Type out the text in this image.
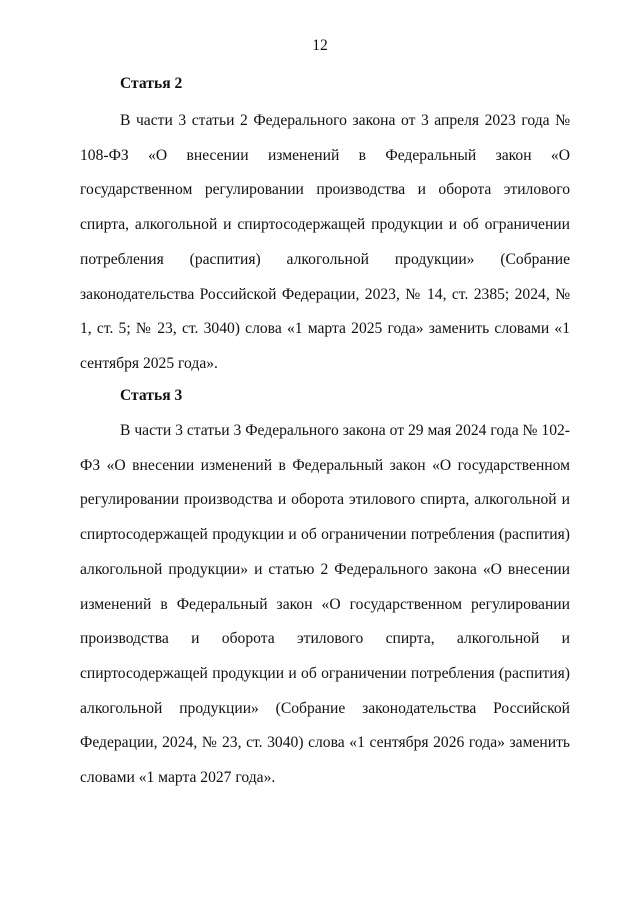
12
Статья 2

В части 3 статьи 2 Федерального закона от 3 апреля 2023 года № 108-ФЗ «О внесении изменений в Федеральный закон «О государственном регулировании производства и оборота этилового спирта, алкогольной и спиртосодержащей продукции и об ограничении потребления (распития) алкогольной продукции» (Собрание законодательства Российской Федерации, 2023, № 14, ст. 2385; 2024, № 1, ст. 5; № 23, ст. 3040) слова «1 марта 2025 года» заменить словами «1 сентября 2025 года».

Статья 3

В части 3 статьи 3 Федерального закона от 29 мая 2024 года № 102-ФЗ «О внесении изменений в Федеральный закон «О государственном регулировании производства и оборота этилового спирта, алкогольной и спиртосодержащей продукции и об ограничении потребления (распития) алкогольной продукции» и статью 2 Федерального закона «О внесении изменений в Федеральный закон «О государственном регулировании производства и оборота этилового спирта, алкогольной и спиртосодержащей продукции и об ограничении потребления (распития) алкогольной продукции» (Собрание законодательства Российской Федерации, 2024, № 23, ст. 3040) слова «1 сентября 2026 года» заменить словами «1 марта 2027 года».
